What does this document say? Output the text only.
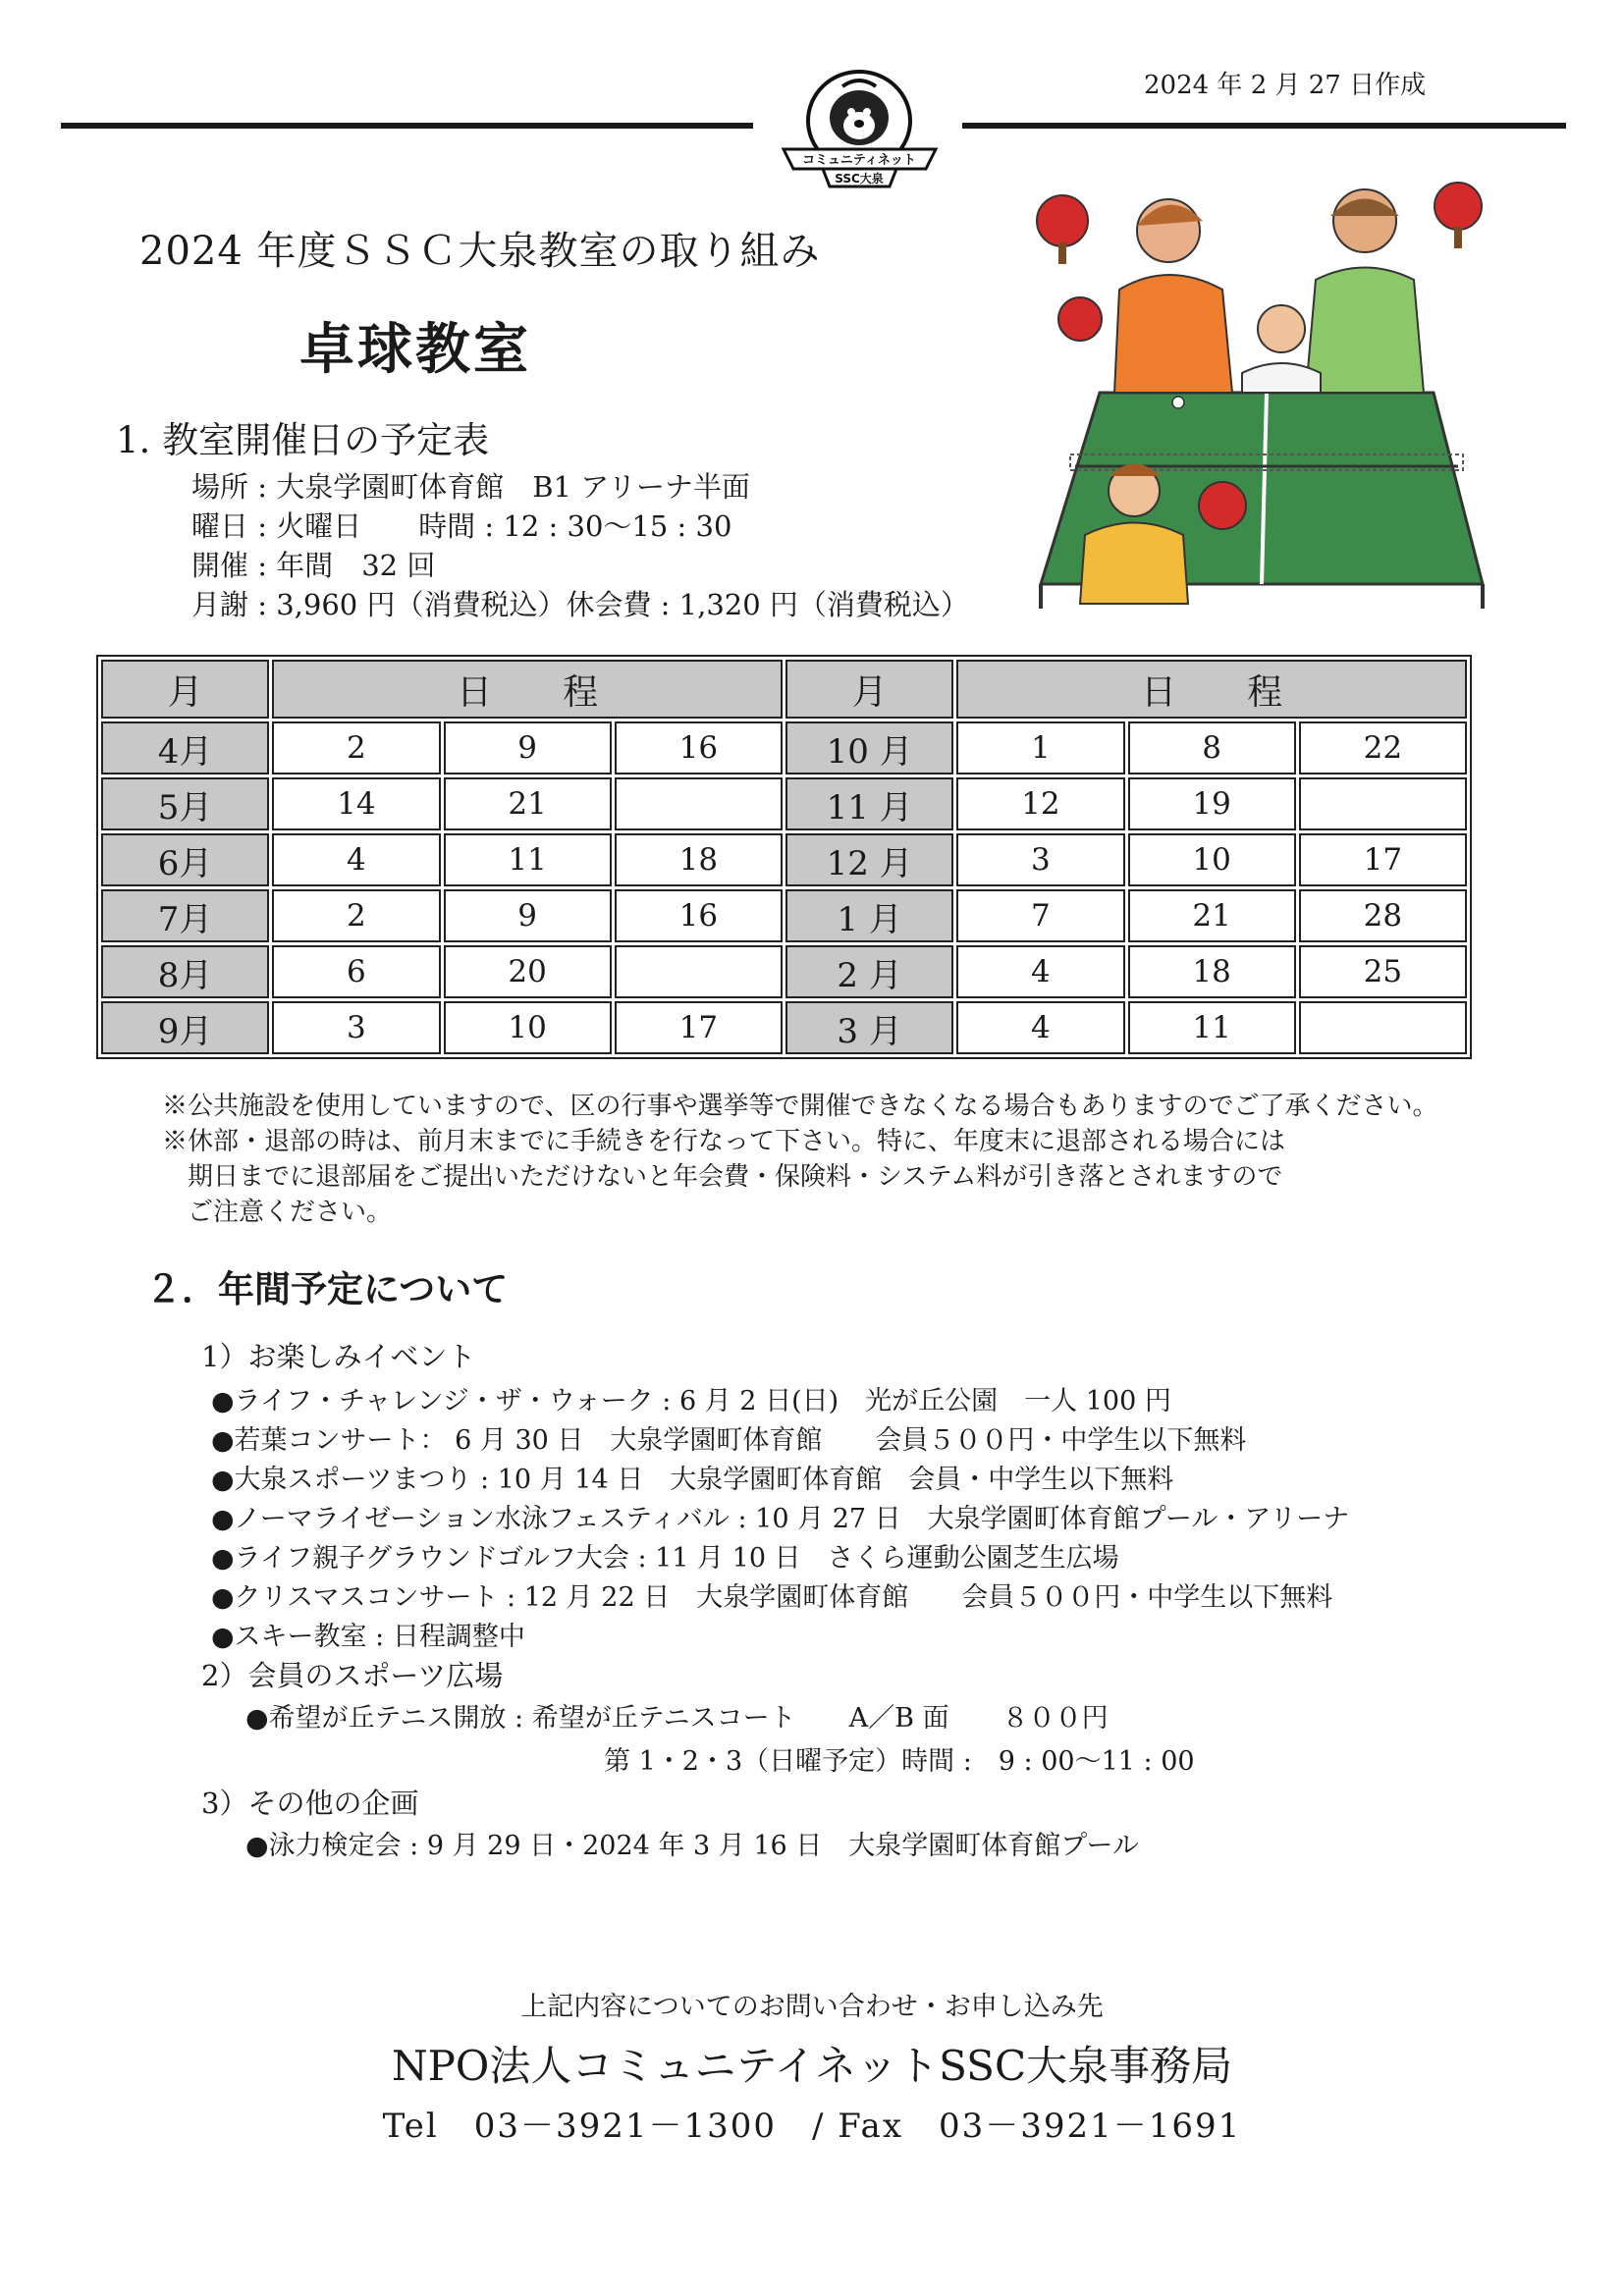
2024 年 2 月 27 日作成
コミュニティネット
SSC大泉
2024 年度ＳＳＣ大泉教室の取り組み
卓球教室
1. 教室開催日の予定表
場所 : 大泉学園町体育館　B1 アリーナ半面
曜日 : 火曜日　　時間 : 12 : 30～15 : 30
開催 : 年間　32 回
月謝 : 3,960 円（消費税込）休会費 : 1,320 円（消費税込）
月	日　　程			月	日　　程		
4月	2	9	16	10 月	1	8	22
5月	14	21		11 月	12	19	
6月	4	11	18	12 月	3	10	17
7月	2	9	16	1 月	7	21	28
8月	6	20		2 月	4	18	25
9月	3	10	17	3 月	4	11	
※公共施設を使用していますので、区の行事や選挙等で開催できなくなる場合もありますのでご了承ください。
※休部・退部の時は、前月末までに手続きを行なって下さい。特に、年度末に退部される場合には
　期日までに退部届をご提出いただけないと年会費・保険料・システム料が引き落とされますので
　ご注意ください。
２．年間予定について
1）お楽しみイベント
●ライフ・チャレンジ・ザ・ウォーク : 6 月 2 日(日)　光が丘公園　一人 100 円
●若葉コンサート： 6 月 30 日　大泉学園町体育館　　会員５００円・中学生以下無料
●大泉スポーツまつり : 10 月 14 日　大泉学園町体育館　会員・中学生以下無料
●ノーマライゼーション水泳フェスティバル : 10 月 27 日　大泉学園町体育館プール・アリーナ
●ライフ親子グラウンドゴルフ大会 : 11 月 10 日　さくら運動公園芝生広場
●クリスマスコンサート : 12 月 22 日　大泉学園町体育館　　会員５００円・中学生以下無料
●スキー教室 : 日程調整中
2）会員のスポーツ広場
●希望が丘テニス開放 : 希望が丘テニスコート　　A／B 面　　８００円
第 1・2・3（日曜予定）時間 :　9 : 00～11 : 00
3）その他の企画
●泳力検定会 : 9 月 29 日・2024 年 3 月 16 日　大泉学園町体育館プール
上記内容についてのお問い合わせ・お申し込み先
NPO法人コミュニテイネットSSC大泉事務局
Tel　03－3921－1300　/ Fax　03－3921－1691
